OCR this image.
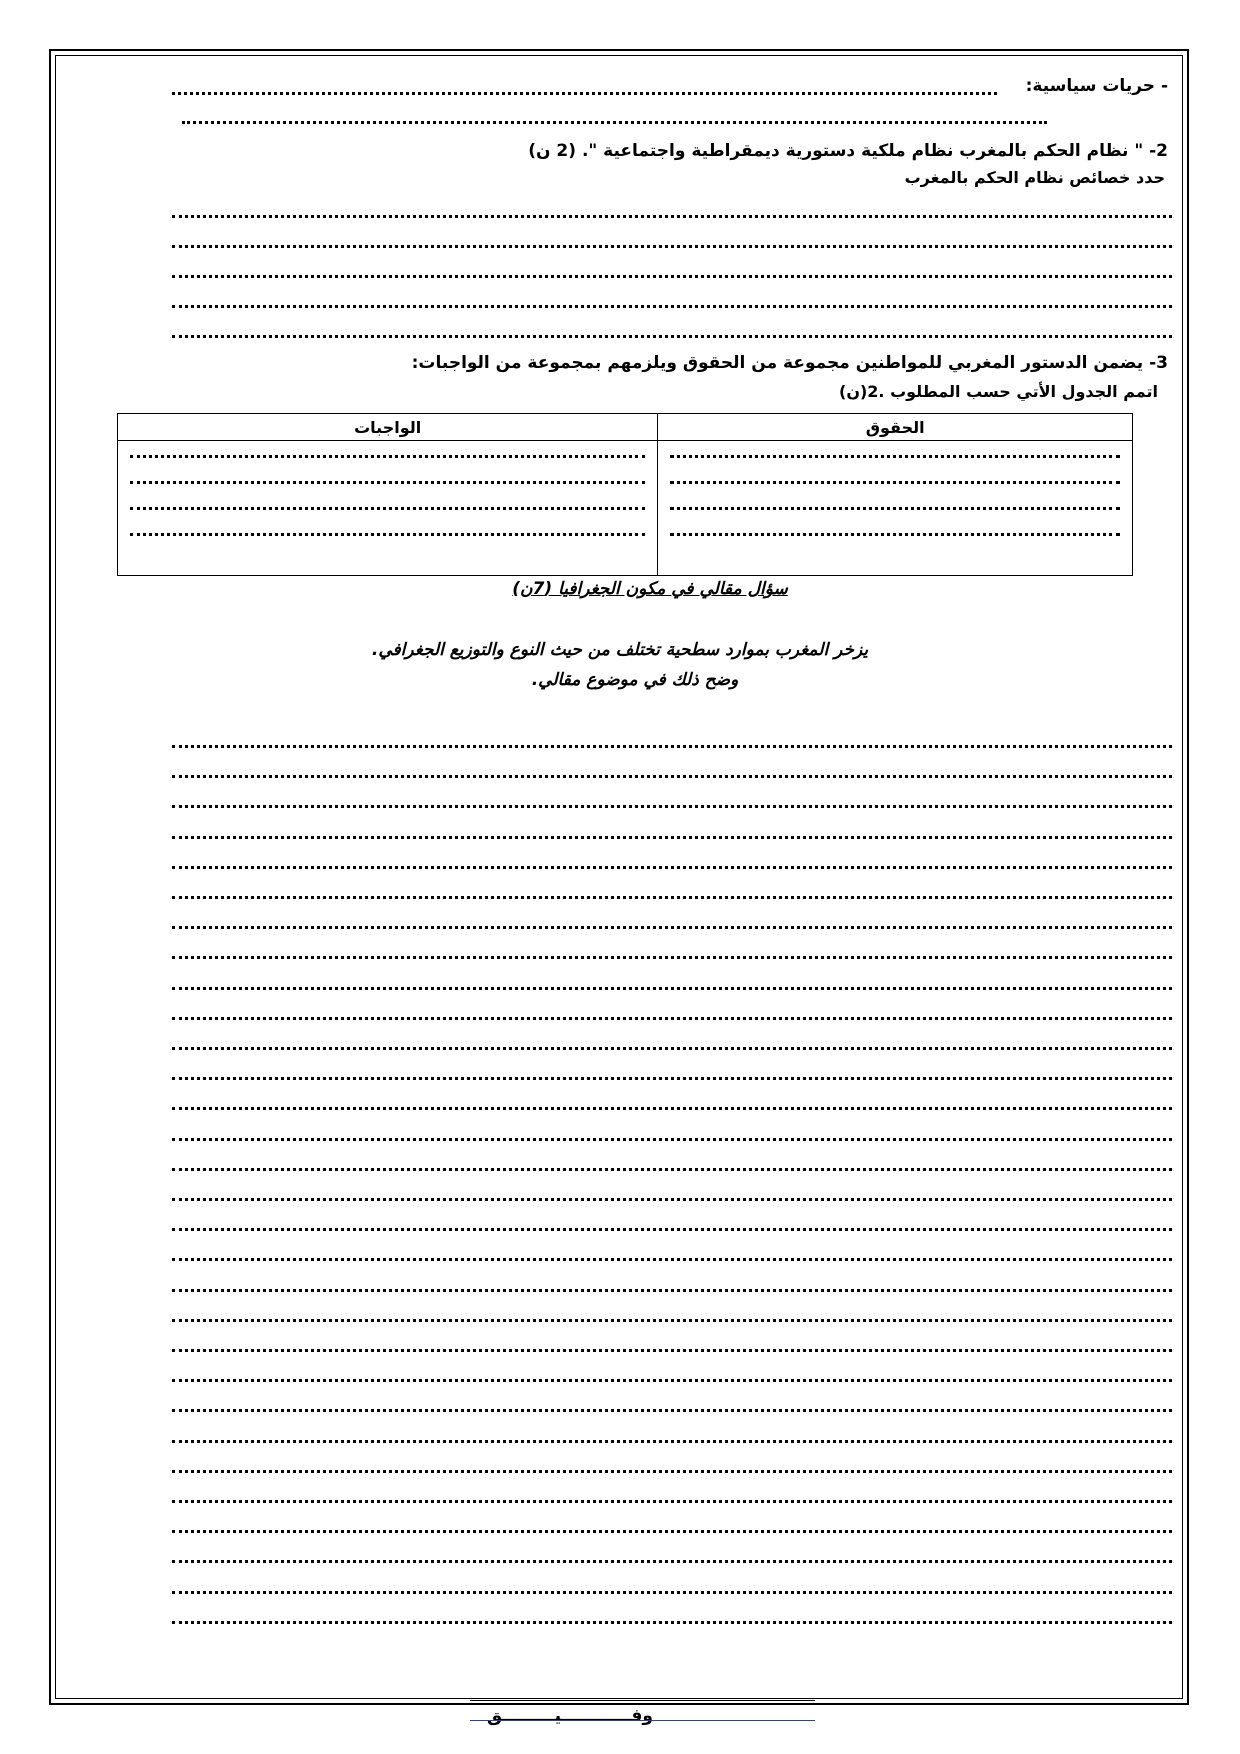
- حريات سياسية:
2- " نظام الحكم بالمغرب نظام ملكية دستورية ديمقراطية واجتماعية ". (2 ن)
حدد خصائص نظام الحكم بالمغرب
3- يضمن الدستور المغربي للمواطنين مجموعة من الحقوق ويلزمهم بمجموعة من الواجبات:
اتمم الجدول الأتي حسب المطلوب .2(ن)
الحقوق	الواجبات

سؤال مقالي في مكون الجغرافيا (7ن)
يزخر المغرب بموارد سطحية تختلف من حيث النوع والتوزيع الجغرافي.
وضح ذلك في موضوع مقالي.
وفــــــــــــيـــــــــق
